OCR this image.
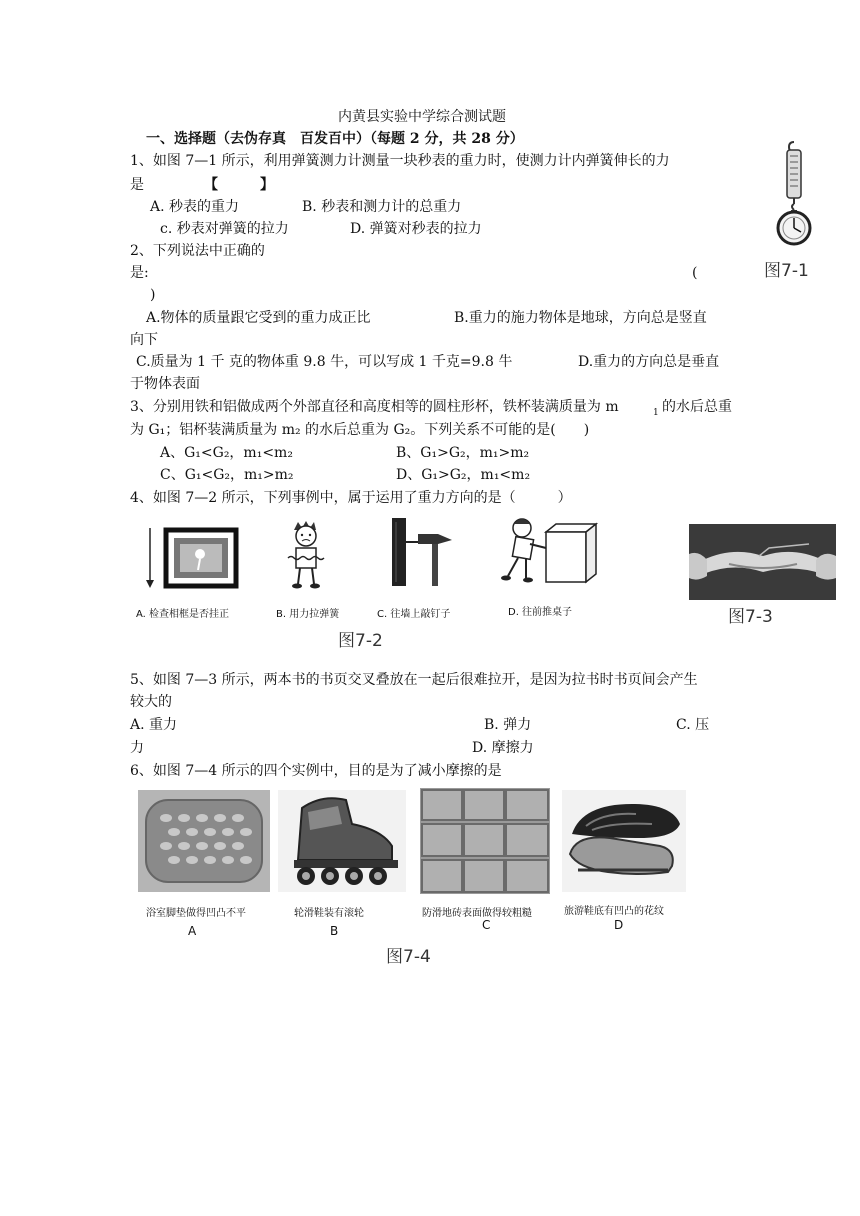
内黄县实验中学综合测试题
一、选择题（去伪存真　百发百中）（每题 2 分，共 28 分）
1、如图 7—1 所示，利用弹簧测力计测量一块秒表的重力时，使测力计内弹簧伸长的力
是	【　　　】
A. 秒表的重力	B. 秒表和测力计的总重力
c. 秒表对弹簧的拉力	D. 弹簧对秒表的拉力
图7-1
2、下列说法中正确的
是:	(
)
A.物体的质量跟它受到的重力成正比	B.重力的施力物体是地球，方向总是竖直
向下
C.质量为 1 千 克的物体重 9.8 牛，可以写成 1 千克=9.8 牛	D.重力的方向总是垂直
于物体表面
3、分别用铁和铝做成两个外部直径和高度相等的圆柱形杯，铁杯装满质量为 m	1 的水后总重
为 G₁；铝杯装满质量为 m₂ 的水后总重为 G₂。下列关系不可能的是(　　)
A、G₁<G₂，m₁<m₂	B、G₁>G₂，m₁>m₂
C、G₁<G₂，m₁>m₂	D、G₁>G₂，m₁<m₂
4、如图 7—2 所示，下列事例中，属于运用了重力方向的是（　　　）
A. 检查相框是否挂正	B. 用力拉弹簧	C. 往墙上敲钉子	D. 往前推桌子
图7-2
图7-3
5、如图 7—3 所示，两本书的书页交叉叠放在一起后很难拉开，是因为拉书时书页间会产生
较大的
A. 重力	B. 弹力	C. 压
力	D. 摩擦力
6、如图 7—4 所示的四个实例中，目的是为了减小摩擦的是
浴室脚垫做得凹凸不平
A
轮滑鞋装有滚轮
B
防滑地砖表面做得较粗糙
C
旅游鞋底有凹凸的花纹
D
图7-4
